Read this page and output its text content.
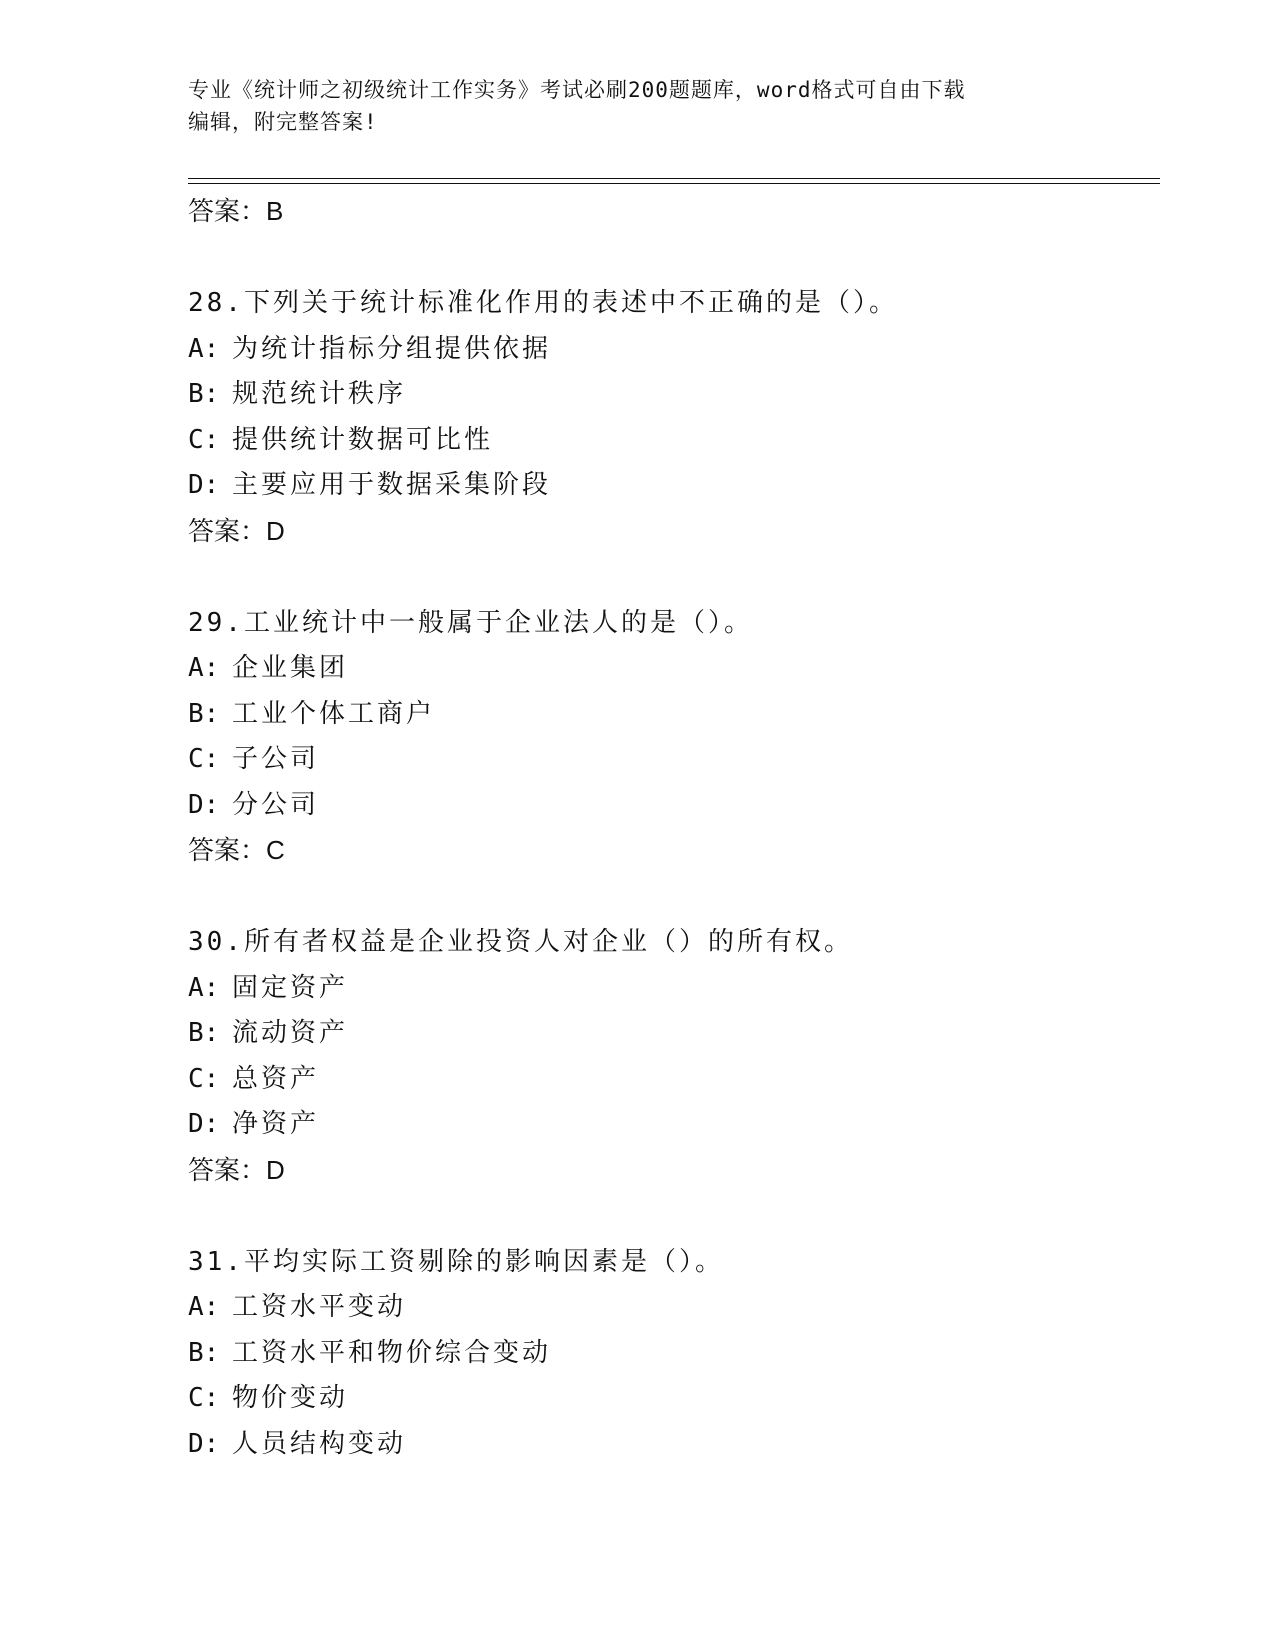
专业《统计师之初级统计工作实务》考试必刷200题题库，word格式可自由下载
编辑，附完整答案!
答案：B
28.下列关于统计标准化作用的表述中不正确的是（）。
A: 为统计指标分组提供依据
B: 规范统计秩序
C: 提供统计数据可比性
D: 主要应用于数据采集阶段
答案：D
29.工业统计中一般属于企业法人的是（）。
A: 企业集团
B: 工业个体工商户
C: 子公司
D: 分公司
答案：C
30.所有者权益是企业投资人对企业（）的所有权。
A: 固定资产
B: 流动资产
C: 总资产
D: 净资产
答案：D
31.平均实际工资剔除的影响因素是（）。
A: 工资水平变动
B: 工资水平和物价综合变动
C: 物价变动
D: 人员结构变动
